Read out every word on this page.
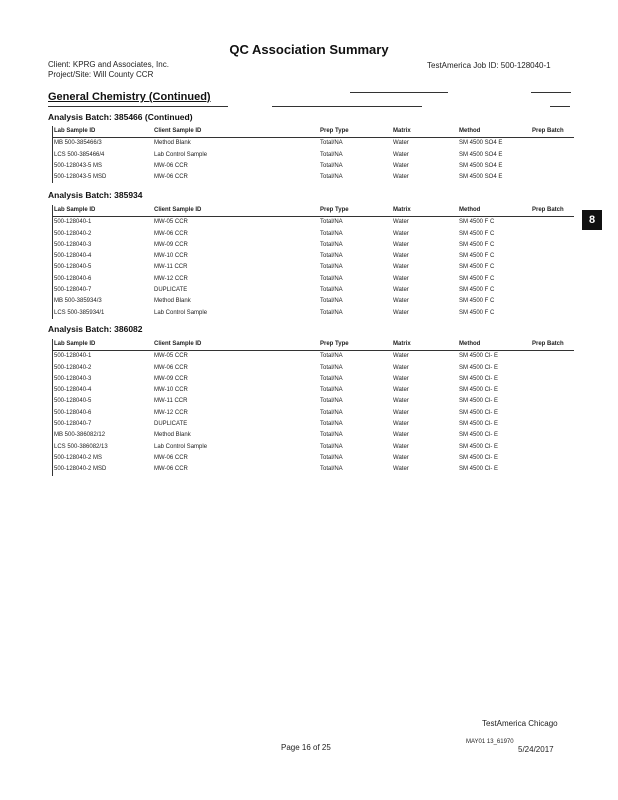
QC Association Summary
Client: KPRG and Associates, Inc.
Project/Site: Will County CCR
TestAmerica Job ID: 500-128040-1
General Chemistry (Continued)
Analysis Batch: 385466 (Continued)
Lab Sample ID	Client Sample ID	Prep Type	Matrix	Method	Prep Batch
MB 500-385466/3	Method Blank	Total/NA	Water	SM 4500 SO4 E	
LCS 500-385466/4	Lab Control Sample	Total/NA	Water	SM 4500 SO4 E	
500-128043-5 MS	MW-06 CCR	Total/NA	Water	SM 4500 SO4 E	
500-128043-5 MSD	MW-06 CCR	Total/NA	Water	SM 4500 SO4 E	
Analysis Batch: 385934
Lab Sample ID	Client Sample ID	Prep Type	Matrix	Method	Prep Batch
500-128040-1	MW-05 CCR	Total/NA	Water	SM 4500 F C	
500-128040-2	MW-06 CCR	Total/NA	Water	SM 4500 F C	
500-128040-3	MW-09 CCR	Total/NA	Water	SM 4500 F C	
500-128040-4	MW-10 CCR	Total/NA	Water	SM 4500 F C	
500-128040-5	MW-11 CCR	Total/NA	Water	SM 4500 F C	
500-128040-6	MW-12 CCR	Total/NA	Water	SM 4500 F C	
500-128040-7	DUPLICATE	Total/NA	Water	SM 4500 F C	
MB 500-385934/3	Method Blank	Total/NA	Water	SM 4500 F C	
LCS 500-385934/1	Lab Control Sample	Total/NA	Water	SM 4500 F C	
Analysis Batch: 386082
Lab Sample ID	Client Sample ID	Prep Type	Matrix	Method	Prep Batch
500-128040-1	MW-05 CCR	Total/NA	Water	SM 4500 Cl- E	
500-128040-2	MW-06 CCR	Total/NA	Water	SM 4500 Cl- E	
500-128040-3	MW-09 CCR	Total/NA	Water	SM 4500 Cl- E	
500-128040-4	MW-10 CCR	Total/NA	Water	SM 4500 Cl- E	
500-128040-5	MW-11 CCR	Total/NA	Water	SM 4500 Cl- E	
500-128040-6	MW-12 CCR	Total/NA	Water	SM 4500 Cl- E	
500-128040-7	DUPLICATE	Total/NA	Water	SM 4500 Cl- E	
MB 500-386082/12	Method Blank	Total/NA	Water	SM 4500 Cl- E	
LCS 500-386082/13	Lab Control Sample	Total/NA	Water	SM 4500 Cl- E	
500-128040-2 MS	MW-06 CCR	Total/NA	Water	SM 4500 Cl- E	
500-128040-2 MSD	MW-06 CCR	Total/NA	Water	SM 4500 Cl- E	
8
TestAmerica Chicago
MAY01 13_61970
Page 16 of 25	5/24/2017
